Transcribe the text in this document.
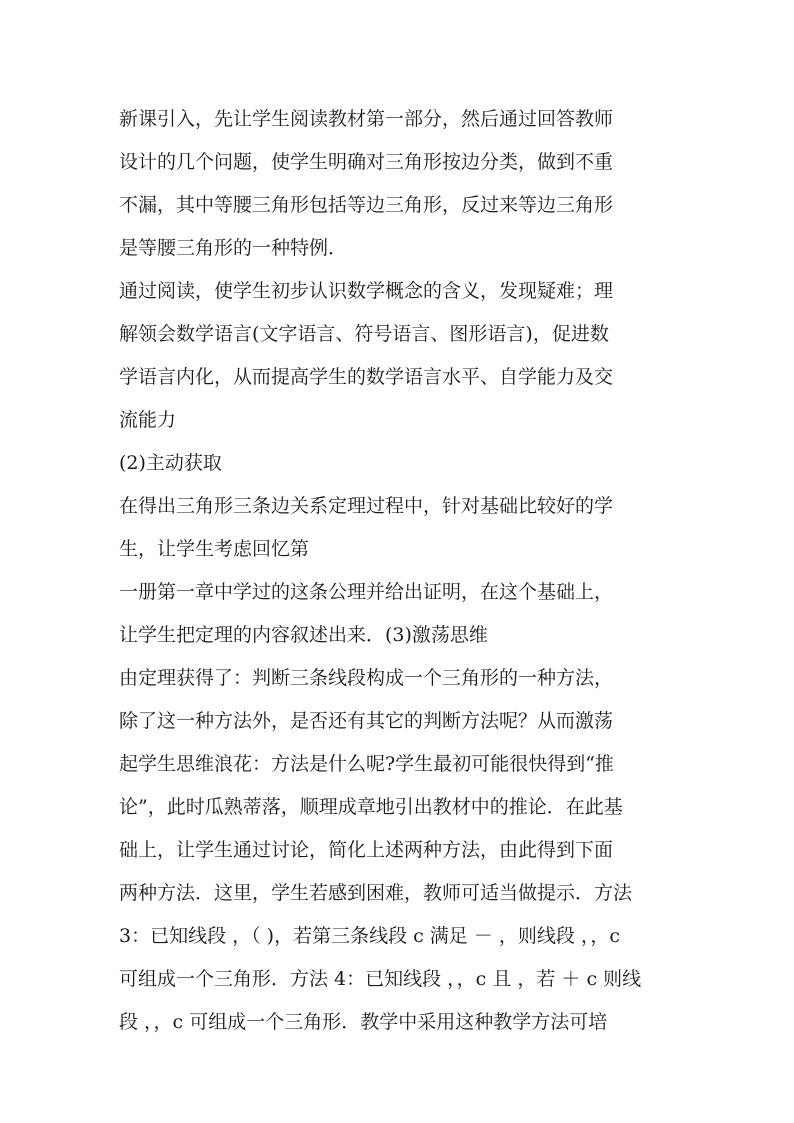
新课引入，先让学生阅读教材第一部分，然后通过回答教师
设计的几个问题，使学生明确对三角形按边分类，做到不重
不漏，其中等腰三角形包括等边三角形，反过来等边三角形
是等腰三角形的一种特例．
通过阅读，使学生初步认识数学概念的含义，发现疑难；理
解领会数学语言(文字语言、符号语言、图形语言)，促进数
学语言内化，从而提高学生的数学语言水平、自学能力及交
流能力
(2)主动获取
在得出三角形三条边关系定理过程中，针对基础比较好的学
生，让学生考虑回忆第
一册第一章中学过的这条公理并给出证明，在这个基础上，
让学生把定理的内容叙述出来．(3)激荡思维
由定理获得了：判断三条线段构成一个三角形的一种方法，
除了这一种方法外，是否还有其它的判断方法呢？从而激荡
起学生思维浪花：方法是什么呢?学生最初可能很快得到“推
论”，此时瓜熟蒂落，顺理成章地引出教材中的推论．在此基
础上，让学生通过讨论，简化上述两种方法，由此得到下面
两种方法．这里，学生若感到困难，教师可适当做提示．方法
3：已知线段 ，（ )，若第三条线段 c 满足 － ，则线段 ，，c
可组成一个三角形．方法 4：已知线段 ，，c 且 ，若 ＋ c 则线
段 ，，c 可组成一个三角形．教学中采用这种教学方法可培
